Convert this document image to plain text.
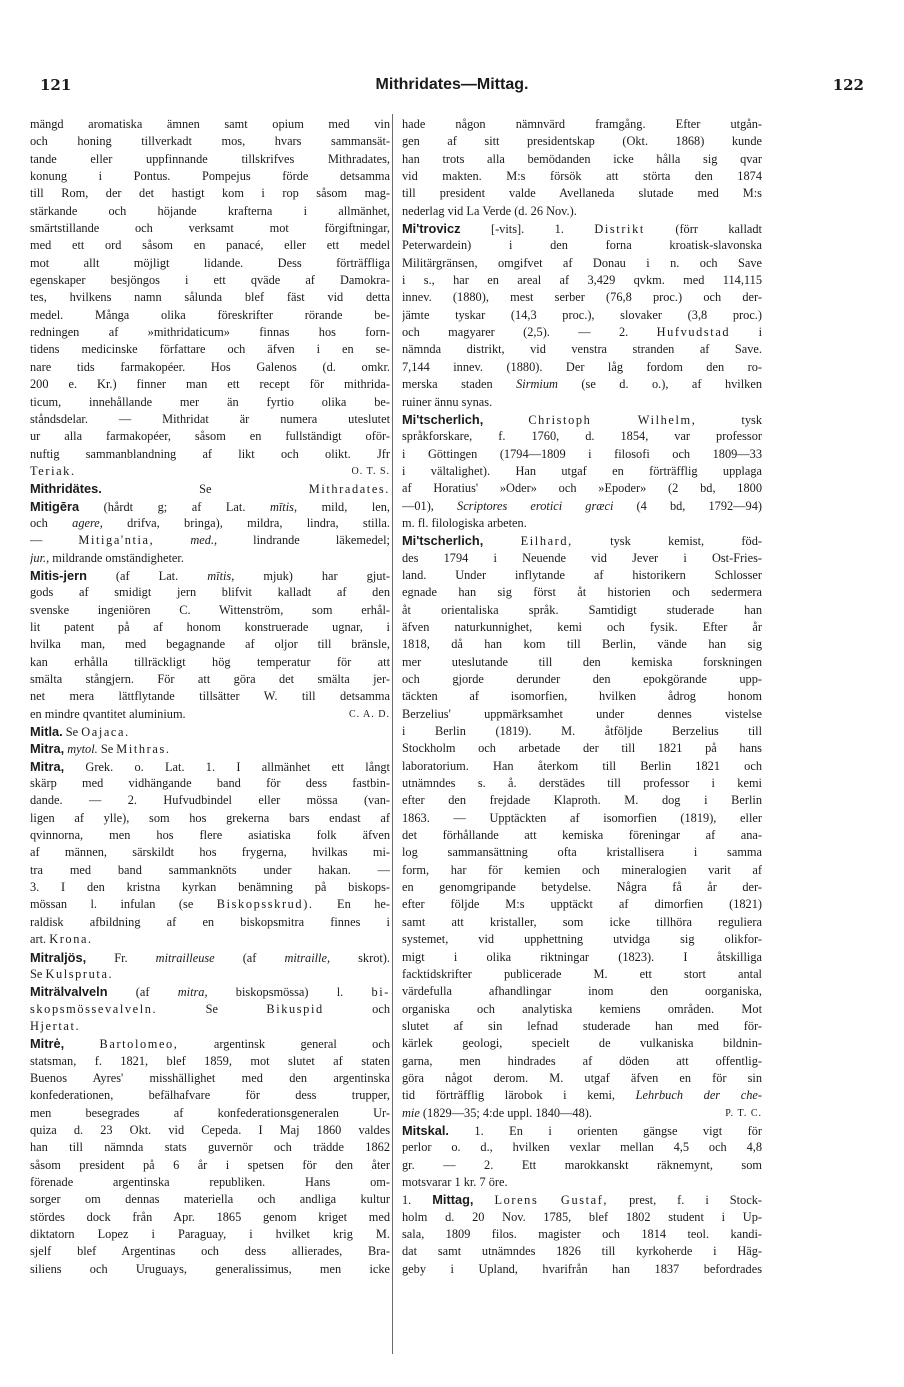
121	Mithridates—Mittag.	122
mängd aromatiska ämnen samt opium med vin
och honing tillverkadt mos, hvars sammansät-
tande eller uppfinnande tillskrifves Mithradates,
konung i Pontus. Pompejus förde detsamma
till Rom, der det hastigt kom i rop såsom mag-
stärkande och höjande krafterna i allmänhet,
smärtstillande och verksamt mot förgiftningar,
med ett ord såsom en panacé, eller ett medel
mot allt möjligt lidande. Dess förträffliga
egenskaper besjöngos i ett qväde af Damokra-
tes, hvilkens namn sålunda blef fäst vid detta
medel. Många olika föreskrifter rörande be-
redningen af »mithridaticum» finnas hos forn-
tidens medicinske författare och äfven i en se-
nare tids farmakopéer. Hos Galenos (d. omkr.
200 e. Kr.) finner man ett recept för mithrida-
ticum, innehållande mer än fyrtio olika be-
ståndsdelar. — Mithridat är numera uteslutet
ur alla farmakopéer, såsom en fullständigt oför-
nuftig sammanblandning af likt och olikt. Jfr
O. T. S.
Teriak.
Mithridätes. Se Mithradates.
Mitigēra (hårdt g; af Lat. mītis, mild, len,
och agere, drifva, bringa), mildra, lindra, stilla.
— Mitiga'ntia,	med., lindrande läkemedel;
jur., mildrande omständigheter.
Mitis-jern (af Lat. mītis, mjuk) har gjut-
gods af smidigt jern blifvit kalladt af den
svenske ingeniören C. Wittenström, som erhål-
lit patent på af honom konstruerade ugnar, i
hvilka man, med begagnande af oljor till bränsle,
kan erhålla tillräckligt hög temperatur för att
smälta stångjern. För att göra det smälta jer-
net mera lättflytande tillsätter W. till detsamma
C. A. D.
en mindre qvantitet aluminium.
Mitla. Se Oajaca.
Mitra, mytol. Se Mithras.
Mitra, Grek. o. Lat. 1. I allmänhet ett långt
skärp med vidhängande band för dess fastbin-
dande. — 2. Hufvudbindel eller mössa (van-
ligen af ylle), som hos grekerna bars endast af
qvinnorna, men hos flere asiatiska folk äfven
af männen, särskildt hos frygerna, hvilkas mi-
tra med band sammanknöts under hakan. —
3. I den kristna kyrkan benämning på biskops-
mössan l. infulan (se Biskopsskrud). En he-
raldisk afbildning af en biskopsmitra finnes i
art. Krona.
Mitraljös, Fr. mitrailleuse (af mitraille, skrot).
Se Kulspruta.
Miträlvalveln (af mitra, biskopsmössa) l. bi-
skopsmössevalveln. Se Bikuspid och
Hjertat.
Mitrė,	Bartolomeo, argentinsk general och
statsman, f. 1821, blef 1859, mot slutet af staten
Buenos Ayres' misshällighet med den argentinska
konfederationen, befälhafvare för dess trupper,
men besegrades af konfederationsgeneralen Ur-
quiza d. 23 Okt. vid Cepeda. I Maj 1860 valdes
han till nämnda stats guvernör och trädde 1862
såsom president på 6 år i spetsen för den åter
förenade argentinska republiken. Hans om-
sorger om dennas materiella och andliga kultur
stördes dock från Apr. 1865 genom kriget med
diktatorn Lopez i Paraguay, i hvilket krig M.
sjelf blef Argentinas och dess allierades, Bra-
siliens och Uruguays, generalissimus, men icke
hade någon nämnvärd framgång. Efter utgån-
gen af sitt presidentskap (Okt. 1868) kunde
han trots alla bemödanden icke hålla sig qvar
vid makten. M:s försök att störta den 1874
till president valde Avellaneda slutade med M:s
nederlag vid La Verde (d. 26 Nov.).
Mi'trovicz [-vits]. 1. Distrikt (förr kalladt
Peterwardein) i den forna kroatisk-slavonska
Militärgränsen, omgifvet af Donau i n. och Save
i s., har en areal af 3,429 qvkm. med 114,115
innev. (1880), mest serber (76,8 proc.) och der-
jämte tyskar (14,3 proc.), slovaker (3,8 proc.)
och magyarer (2,5). — 2. Hufvudstad i
nämnda distrikt, vid venstra stranden af Save.
7,144 innev. (1880). Der låg fordom den ro-
merska staden Sirmium (se d. o.), af hvilken
ruiner ännu synas.
Mi'tscherlich,	Christoph Wilhelm, tysk
språkforskare, f. 1760, d. 1854, var professor
i Göttingen (1794—1809 i filosofi och 1809—33
i vältalighet). Han utgaf en förträfflig upplaga
af Horatius' »Oder» och »Epoder» (2 bd, 1800
—01), Scriptores erotici græci (4 bd, 1792—94)
m. fl. filologiska arbeten.
Mi'tscherlich,	Eilhard, tysk kemist, föd-
des 1794 i Neuende vid Jever i Ost-Fries-
land. Under inflytande af historikern Schlosser
egnade han sig först åt historien och sedermera
åt orientaliska språk. Samtidigt studerade han
äfven naturkunnighet, kemi och fysik. Efter år
1818, då han kom till Berlin, vände han sig
mer uteslutande till den kemiska forskningen
och gjorde derunder den epokgörande upp-
täckten af isomorfien, hvilken ådrog honom
Berzelius' uppmärksamhet under dennes vistelse
i Berlin (1819). M. åtföljde Berzelius till
Stockholm och arbetade der till 1821 på hans
laboratorium. Han återkom till Berlin 1821 och
utnämndes s. å. derstädes till professor i kemi
efter den frejdade Klaproth. M. dog i Berlin
1863. — Upptäckten af isomorfien (1819), eller
det förhållande att kemiska föreningar af ana-
log sammansättning ofta kristallisera i samma
form, har för kemien och mineralogien varit af
en genomgripande betydelse. Några få år der-
efter följde M:s upptäckt af dimorfien (1821)
samt att kristaller, som icke tillhöra reguliera
systemet, vid upphettning utvidga sig olikfor-
migt i olika riktningar (1823). I åtskilliga
facktidskrifter publicerade M. ett stort antal
värdefulla afhandlingar inom den oorganiska,
organiska och analytiska kemiens områden. Mot
slutet af sin lefnad studerade han med för-
kärlek geologi, specielt de vulkaniska bildnin-
garna, men hindrades af döden att offentlig-
göra något derom. M. utgaf äfven en för sin
tid förträfflig lärobok i kemi, Lehrbuch der che-
P. T. C.
mie (1829—35; 4:de uppl. 1840—48).
Mitskal. 1. En i orienten gängse vigt för
perlor o. d., hvilken vexlar mellan 4,5 och 4,8
gr. — 2. Ett marokkanskt räknemynt, som
motsvarar 1 kr. 7 öre.
1. Mittag, Lorens Gustaf, prest, f. i Stock-
holm d. 20 Nov. 1785, blef 1802 student i Up-
sala, 1809 filos. magister och 1814 teol. kandi-
dat samt utnämndes 1826 till kyrkoherde i Häg-
geby i Upland, hvarifrån han 1837 befordrades
